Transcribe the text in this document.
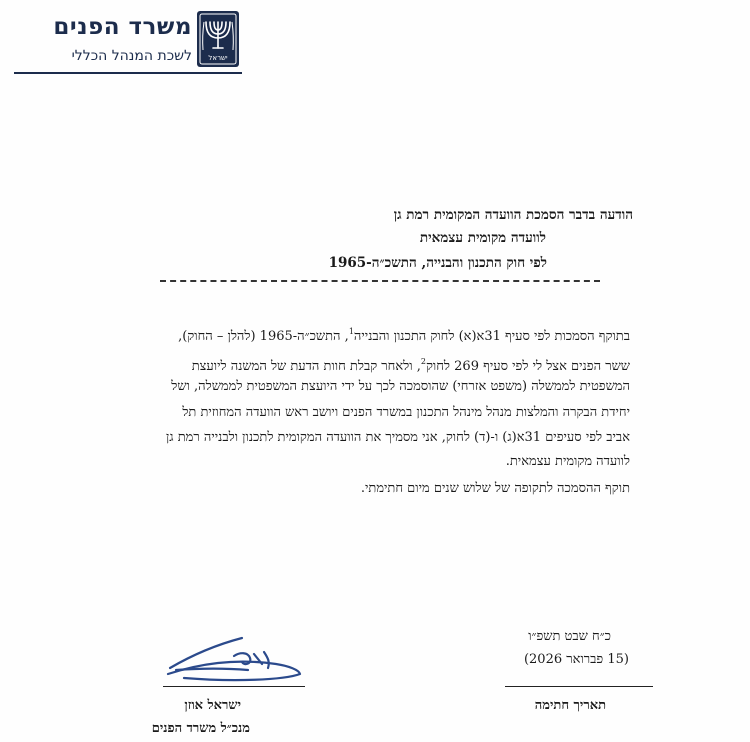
משרד הפנים
לשכת המנהל הכללי ישראל
הודעה בדבר הסמכת הוועדה המקומית רמת גן
לוועדה מקומית עצמאית
לפי חוק התכנון והבנייה, התשכ״ה-1965
בתוקף הסמכות לפי סעיף 31א(א) לחוק התכנון והבנייה$^1$, התשכ״ה-1965 (להלן – החוק),
ששר הפנים אצל לי לפי סעיף 269 לחוק$^2$, ולאחר קבלת חוות הדעת של המשנה ליועצת
המשפטית לממשלה (משפט אזרחי) שהוסמכה לכך על ידי היועצת המשפטית לממשלה, ושל
יחידת הבקרה והמלצות מנהל מינהל התכנון במשרד הפנים ויושב ראש הוועדה המחוזית תל
אביב לפי סעיפים 31א(ג) ו-(ד) לחוק, אני מסמיך את הוועדה המקומית לתכנון ולבנייה רמת גן
לוועדה מקומית עצמאית.
תוקף ההסמכה לתקופה של שלוש שנים מיום חתימתי.
כ״ח שבט תשפ״ו
(15 פברואר 2026)
תאריך חתימה
ישראל אוזן
מנכ״ל משרד הפנים
